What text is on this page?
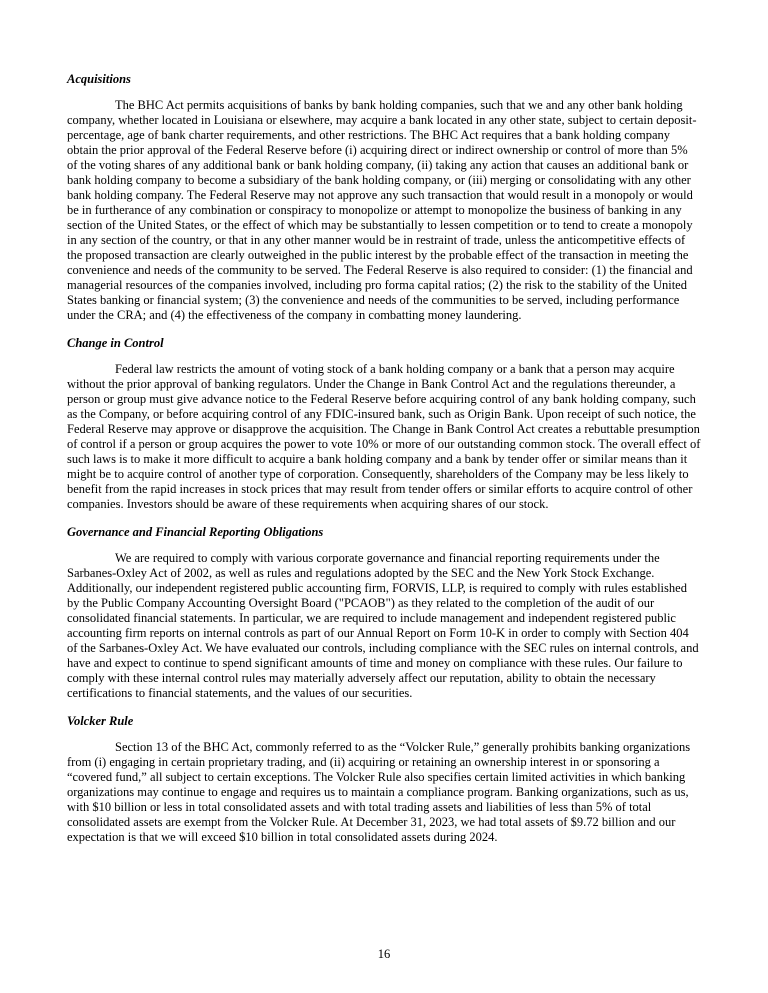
Acquisitions

The BHC Act permits acquisitions of banks by bank holding companies, such that we and any other bank holding company, whether located in Louisiana or elsewhere, may acquire a bank located in any other state, subject to certain deposit-percentage, age of bank charter requirements, and other restrictions. The BHC Act requires that a bank holding company obtain the prior approval of the Federal Reserve before (i) acquiring direct or indirect ownership or control of more than 5% of the voting shares of any additional bank or bank holding company, (ii) taking any action that causes an additional bank or bank holding company to become a subsidiary of the bank holding company, or (iii) merging or consolidating with any other bank holding company. The Federal Reserve may not approve any such transaction that would result in a monopoly or would be in furtherance of any combination or conspiracy to monopolize or attempt to monopolize the business of banking in any section of the United States, or the effect of which may be substantially to lessen competition or to tend to create a monopoly in any section of the country, or that in any other manner would be in restraint of trade, unless the anticompetitive effects of the proposed transaction are clearly outweighed in the public interest by the probable effect of the transaction in meeting the convenience and needs of the community to be served. The Federal Reserve is also required to consider: (1) the financial and managerial resources of the companies involved, including pro forma capital ratios; (2) the risk to the stability of the United States banking or financial system; (3) the convenience and needs of the communities to be served, including performance under the CRA; and (4) the effectiveness of the company in combatting money laundering.

Change in Control

Federal law restricts the amount of voting stock of a bank holding company or a bank that a person may acquire without the prior approval of banking regulators. Under the Change in Bank Control Act and the regulations thereunder, a person or group must give advance notice to the Federal Reserve before acquiring control of any bank holding company, such as the Company, or before acquiring control of any FDIC-insured bank, such as Origin Bank. Upon receipt of such notice, the Federal Reserve may approve or disapprove the acquisition. The Change in Bank Control Act creates a rebuttable presumption of control if a person or group acquires the power to vote 10% or more of our outstanding common stock. The overall effect of such laws is to make it more difficult to acquire a bank holding company and a bank by tender offer or similar means than it might be to acquire control of another type of corporation. Consequently, shareholders of the Company may be less likely to benefit from the rapid increases in stock prices that may result from tender offers or similar efforts to acquire control of other companies. Investors should be aware of these requirements when acquiring shares of our stock.

Governance and Financial Reporting Obligations

We are required to comply with various corporate governance and financial reporting requirements under the Sarbanes-Oxley Act of 2002, as well as rules and regulations adopted by the SEC and the New York Stock Exchange. Additionally, our independent registered public accounting firm, FORVIS, LLP, is required to comply with rules established by the Public Company Accounting Oversight Board ("PCAOB") as they related to the completion of the audit of our consolidated financial statements. In particular, we are required to include management and independent registered public accounting firm reports on internal controls as part of our Annual Report on Form 10-K in order to comply with Section 404 of the Sarbanes-Oxley Act. We have evaluated our controls, including compliance with the SEC rules on internal controls, and have and expect to continue to spend significant amounts of time and money on compliance with these rules. Our failure to comply with these internal control rules may materially adversely affect our reputation, ability to obtain the necessary certifications to financial statements, and the values of our securities.

Volcker Rule

Section 13 of the BHC Act, commonly referred to as the “Volcker Rule,” generally prohibits banking organizations from (i) engaging in certain proprietary trading, and (ii) acquiring or retaining an ownership interest in or sponsoring a “covered fund,” all subject to certain exceptions. The Volcker Rule also specifies certain limited activities in which banking organizations may continue to engage and requires us to maintain a compliance program. Banking organizations, such as us, with $10 billion or less in total consolidated assets and with total trading assets and liabilities of less than 5% of total consolidated assets are exempt from the Volcker Rule. At December 31, 2023, we had total assets of $9.72 billion and our expectation is that we will exceed $10 billion in total consolidated assets during 2024.

16
